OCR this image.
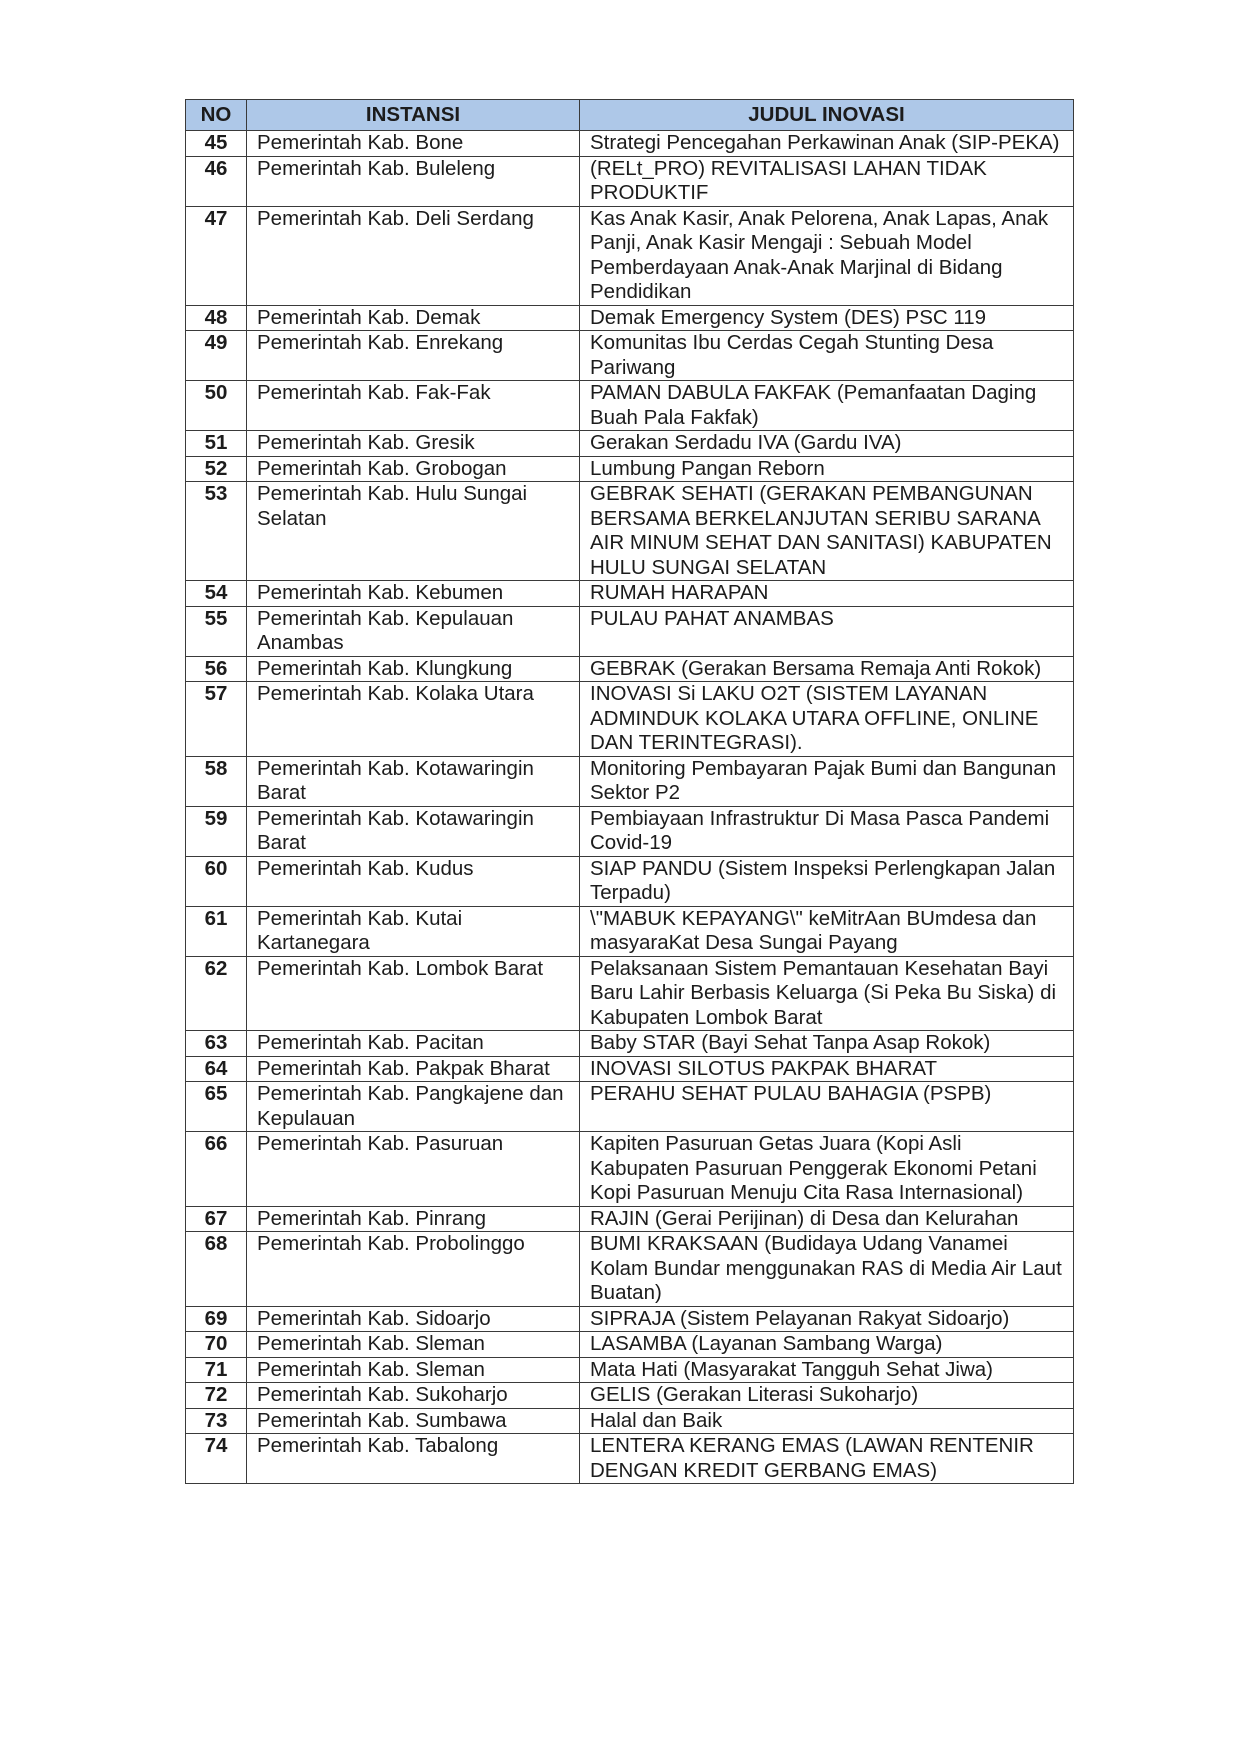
NO	INSTANSI	JUDUL INOVASI
45	Pemerintah Kab. Bone	Strategi Pencegahan Perkawinan Anak (SIP-PEKA)
46	Pemerintah Kab. Buleleng	(RELt_PRO) REVITALISASI LAHAN TIDAK PRODUKTIF
47	Pemerintah Kab. Deli Serdang	Kas Anak Kasir, Anak Pelorena, Anak Lapas, Anak Panji, Anak Kasir Mengaji : Sebuah Model Pemberdayaan Anak-Anak Marjinal di Bidang Pendidikan
48	Pemerintah Kab. Demak	Demak Emergency System (DES) PSC 119
49	Pemerintah Kab. Enrekang	Komunitas Ibu Cerdas Cegah Stunting Desa Pariwang
50	Pemerintah Kab. Fak-Fak	PAMAN DABULA FAKFAK (Pemanfaatan Daging Buah Pala Fakfak)
51	Pemerintah Kab. Gresik	Gerakan Serdadu IVA (Gardu IVA)
52	Pemerintah Kab. Grobogan	Lumbung Pangan Reborn
53	Pemerintah Kab. Hulu Sungai Selatan	GEBRAK SEHATI (GERAKAN PEMBANGUNAN BERSAMA BERKELANJUTAN SERIBU SARANA AIR MINUM SEHAT DAN SANITASI) KABUPATEN HULU SUNGAI SELATAN
54	Pemerintah Kab. Kebumen	RUMAH HARAPAN
55	Pemerintah Kab. Kepulauan Anambas	PULAU PAHAT ANAMBAS
56	Pemerintah Kab. Klungkung	GEBRAK (Gerakan Bersama Remaja Anti Rokok)
57	Pemerintah Kab. Kolaka Utara	INOVASI Si LAKU O2T (SISTEM LAYANAN ADMINDUK KOLAKA UTARA OFFLINE, ONLINE DAN TERINTEGRASI).
58	Pemerintah Kab. Kotawaringin Barat	Monitoring Pembayaran Pajak Bumi dan Bangunan Sektor P2
59	Pemerintah Kab. Kotawaringin Barat	Pembiayaan Infrastruktur Di Masa Pasca Pandemi Covid-19
60	Pemerintah Kab. Kudus	SIAP PANDU (Sistem Inspeksi Perlengkapan Jalan Terpadu)
61	Pemerintah Kab. Kutai Kartanegara	\"MABUK KEPAYANG\" keMitrAan BUmdesa dan masyaraKat Desa Sungai Payang
62	Pemerintah Kab. Lombok Barat	Pelaksanaan Sistem Pemantauan Kesehatan Bayi Baru Lahir Berbasis Keluarga (Si Peka Bu Siska) di Kabupaten Lombok Barat
63	Pemerintah Kab. Pacitan	Baby STAR (Bayi Sehat Tanpa Asap Rokok)
64	Pemerintah Kab. Pakpak Bharat	INOVASI SILOTUS PAKPAK BHARAT
65	Pemerintah Kab. Pangkajene dan Kepulauan	PERAHU SEHAT PULAU BAHAGIA (PSPB)
66	Pemerintah Kab. Pasuruan	Kapiten Pasuruan Getas Juara (Kopi Asli Kabupaten Pasuruan Penggerak Ekonomi Petani Kopi Pasuruan Menuju Cita Rasa Internasional)
67	Pemerintah Kab. Pinrang	RAJIN (Gerai Perijinan) di Desa dan Kelurahan
68	Pemerintah Kab. Probolinggo	BUMI KRAKSAAN (Budidaya Udang Vanamei Kolam Bundar menggunakan RAS di Media Air Laut Buatan)
69	Pemerintah Kab. Sidoarjo	SIPRAJA (Sistem Pelayanan Rakyat Sidoarjo)
70	Pemerintah Kab. Sleman	LASAMBA (Layanan Sambang Warga)
71	Pemerintah Kab. Sleman	Mata Hati (Masyarakat Tangguh Sehat Jiwa)
72	Pemerintah Kab. Sukoharjo	GELIS (Gerakan Literasi Sukoharjo)
73	Pemerintah Kab. Sumbawa	Halal dan Baik
74	Pemerintah Kab. Tabalong	LENTERA KERANG EMAS (LAWAN RENTENIR DENGAN KREDIT GERBANG EMAS)
